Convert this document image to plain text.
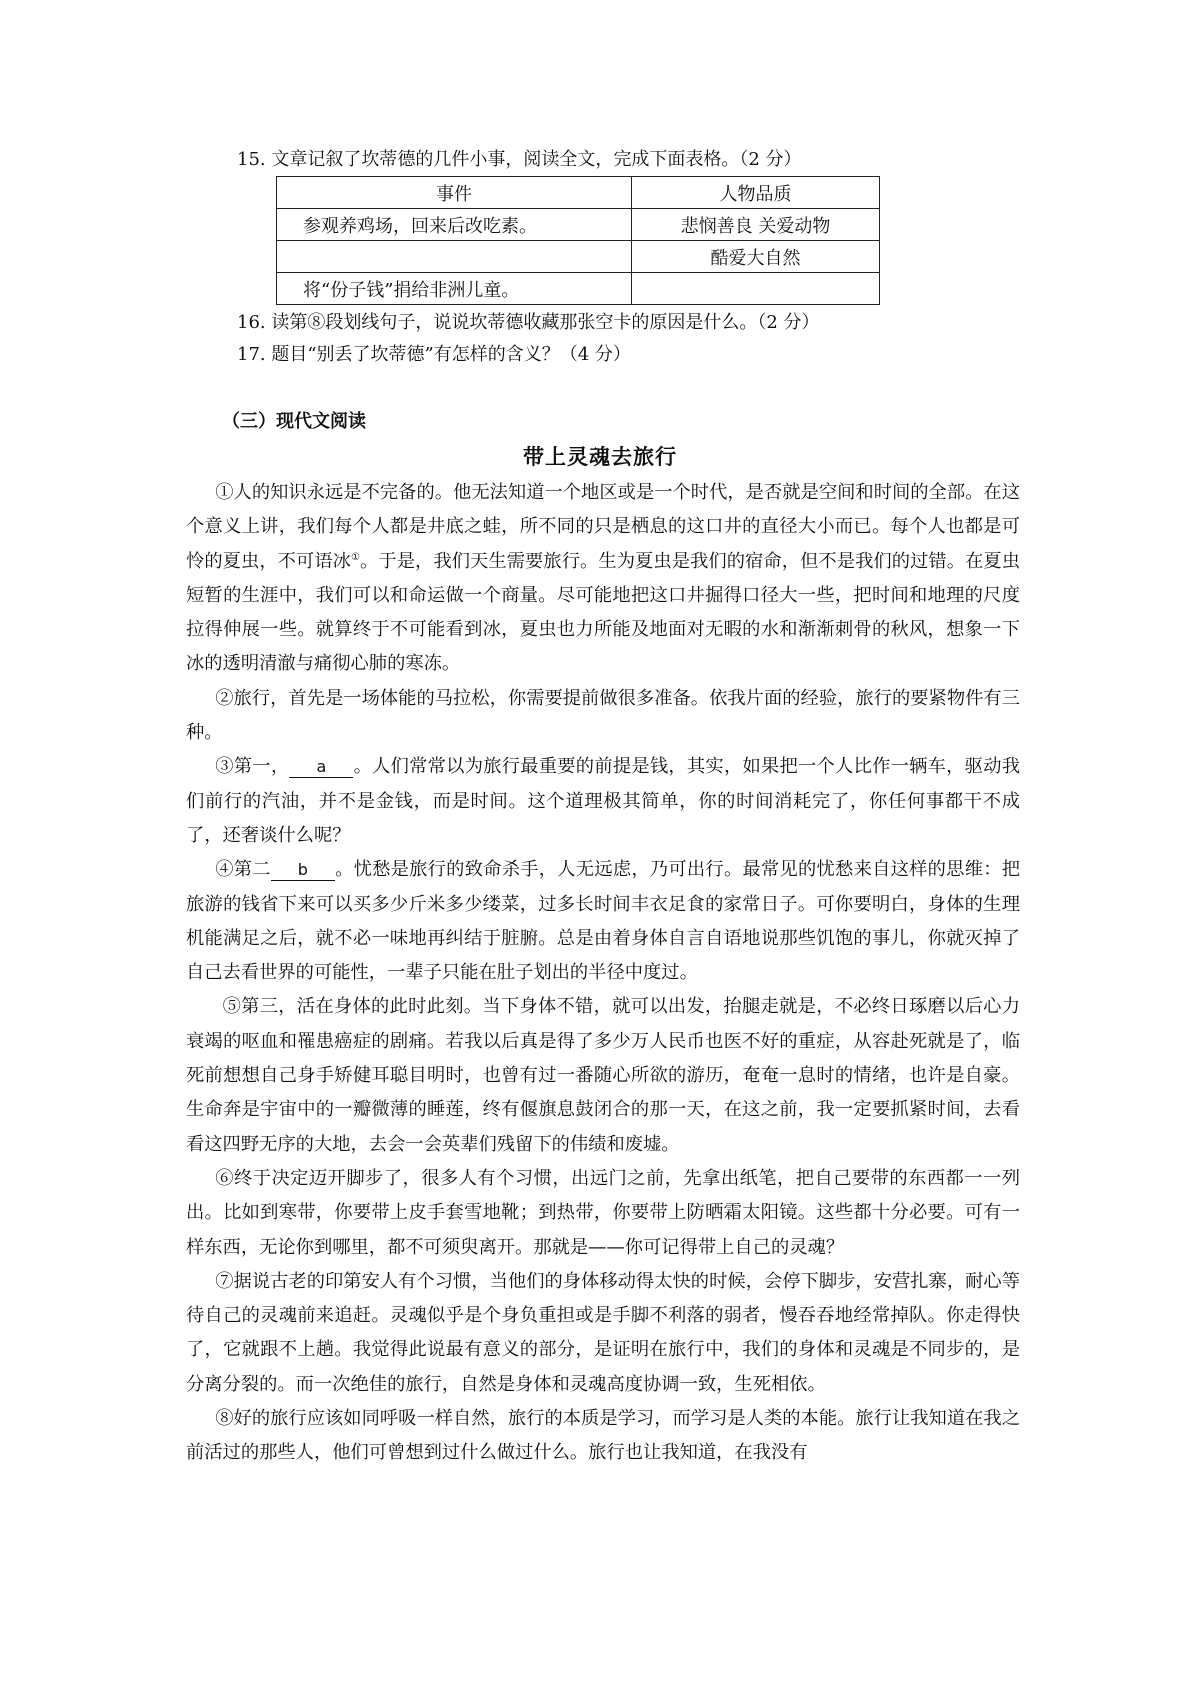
15. 文章记叙了坎蒂德的几件小事，阅读全文，完成下面表格。（2 分）
事件	人物品质
参观养鸡场，回来后改吃素。	悲悯善良 关爱动物
	酷爱大自然
将“份子钱”捐给非洲儿童。	
16. 读第⑧段划线句子，说说坎蒂德收藏那张空卡的原因是什么。（2 分）
17. 题目“别丢了坎蒂德”有怎样的含义？（4 分）
（三）现代文阅读
带上灵魂去旅行

①人的知识永远是不完备的。他无法知道一个地区或是一个时代，是否就是空间和时间的全部。在这个意义上讲，我们每个人都是井底之蛙，所不同的只是栖息的这口井的直径大小而已。每个人也都是可怜的夏虫，不可语冰①。于是，我们天生需要旅行。生为夏虫是我们的宿命，但不是我们的过错。在夏虫短暂的生涯中，我们可以和命运做一个商量。尽可能地把这口井掘得口径大一些，把时间和地理的尺度拉得伸展一些。就算终于不可能看到冰，夏虫也力所能及地面对无暇的水和渐渐刺骨的秋风，想象一下冰的透明清澈与痛彻心肺的寒冻。

②旅行，首先是一场体能的马拉松，你需要提前做很多准备。依我片面的经验，旅行的要紧物件有三种。

③第一， a 。人们常常以为旅行最重要的前提是钱，其实，如果把一个人比作一辆车，驱动我们前行的汽油，并不是金钱，而是时间。这个道理极其简单，你的时间消耗完了，你任何事都干不成了，还奢谈什么呢？

④第二 b 。忧愁是旅行的致命杀手，人无远虑，乃可出行。最常见的忧愁来自这样的思维：把旅游的钱省下来可以买多少斤米多少缕菜，过多长时间丰衣足食的家常日子。可你要明白，身体的生理机能满足之后，就不必一味地再纠结于脏腑。总是由着身体自言自语地说那些饥饱的事儿，你就灭掉了自己去看世界的可能性，一辈子只能在肚子划出的半径中度过。

⑤第三，活在身体的此时此刻。当下身体不错，就可以出发，抬腿走就是，不必终日琢磨以后心力衰竭的呕血和罹患癌症的剧痛。若我以后真是得了多少万人民币也医不好的重症，从容赴死就是了，临死前想想自己身手矫健耳聪目明时，也曾有过一番随心所欲的游历，奄奄一息时的情绪，也许是自豪。生命奔是宇宙中的一瓣微薄的睡莲，终有偃旗息鼓闭合的那一天，在这之前，我一定要抓紧时间，去看看这四野无序的大地，去会一会英辈们残留下的伟绩和废墟。

⑥终于决定迈开脚步了，很多人有个习惯，出远门之前，先拿出纸笔，把自己要带的东西都一一列出。比如到寒带，你要带上皮手套雪地靴；到热带，你要带上防晒霜太阳镜。这些都十分必要。可有一样东西，无论你到哪里，都不可须臾离开。那就是——你可记得带上自己的灵魂？

⑦据说古老的印第安人有个习惯，当他们的身体移动得太快的时候，会停下脚步，安营扎寨，耐心等待自己的灵魂前来追赶。灵魂似乎是个身负重担或是手脚不利落的弱者，慢吞吞地经常掉队。你走得快了，它就跟不上趟。我觉得此说最有意义的部分，是证明在旅行中，我们的身体和灵魂是不同步的，是分离分裂的。而一次绝佳的旅行，自然是身体和灵魂高度协调一致，生死相依。

⑧好的旅行应该如同呼吸一样自然，旅行的本质是学习，而学习是人类的本能。旅行让我知道在我之前活过的那些人，他们可曾想到过什么做过什么。旅行也让我知道，在我没有
